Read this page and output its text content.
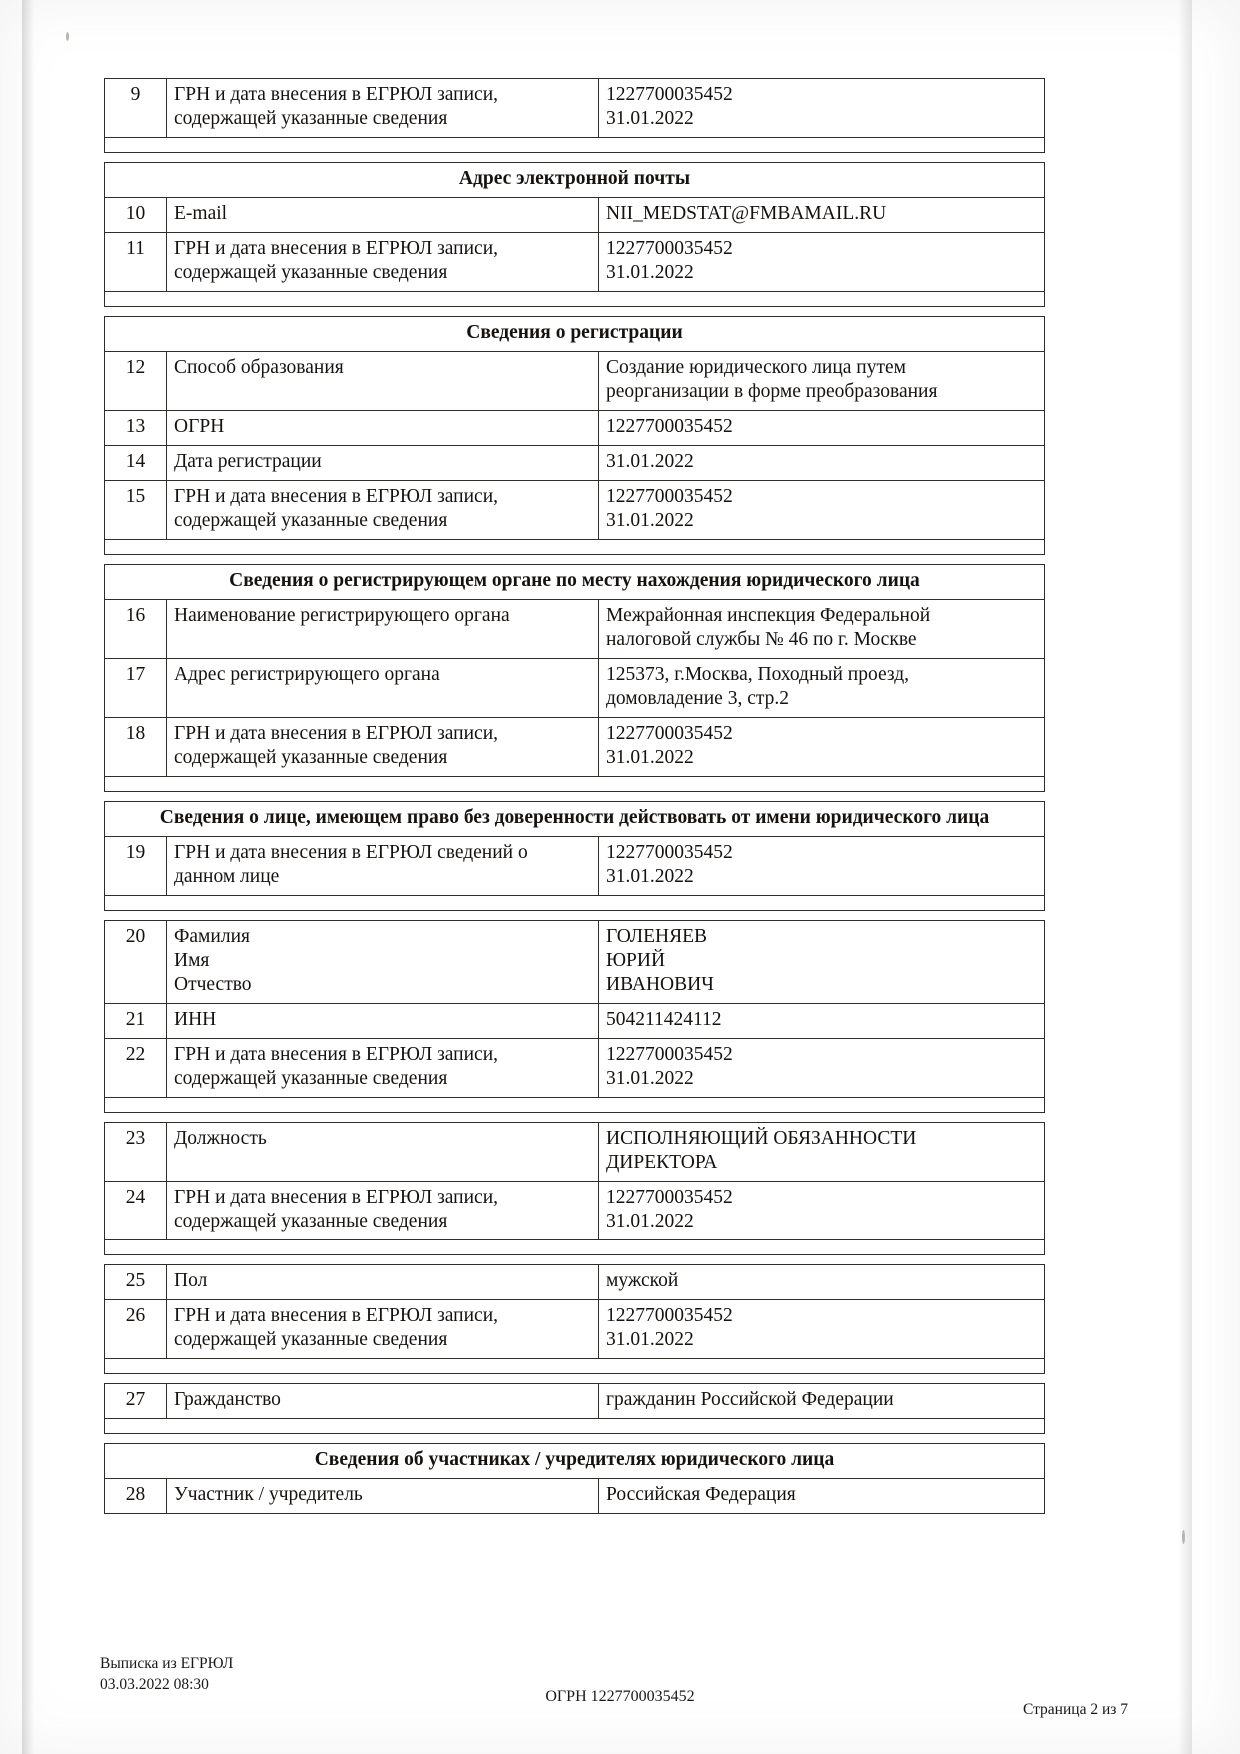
9	ГРН и дата внесения в ЕГРЮЛ записи,
содержащей указанные сведения	1227700035452
31.01.2022

Адрес электронной почты		
10	E-mail	NII_MEDSTAT@FMBAMAIL.RU
11	ГРН и дата внесения в ЕГРЮЛ записи,
содержащей указанные сведения	1227700035452
31.01.2022

Сведения о регистрации		
12	Способ образования	Создание юридического лица путем
реорганизации в форме преобразования

13	ОГРН	1227700035452
14	Дата регистрации	31.01.2022
15	ГРН и дата внесения в ЕГРЮЛ записи,
содержащей указанные сведения	1227700035452
31.01.2022

Сведения о регистрирующем органе по месту нахождения юридического лица		
16	Наименование регистрирующего органа	Межрайонная инспекция Федеральной
налоговой службы № 46 по г. Москве

17	Адрес регистрирующего органа	125373, г.Москва, Походный проезд,
домовладение 3, стр.2

18	ГРН и дата внесения в ЕГРЮЛ записи,
содержащей указанные сведения	1227700035452
31.01.2022

Сведения о лице, имеющем право без доверенности действовать от имени юридического лица		
19	ГРН и дата внесения в ЕГРЮЛ сведений о
данном лице	1227700035452
31.01.2022

20	Фамилия
Имя
Отчество	ГОЛЕНЯЕВ
ЮРИЙ
ИВАНОВИЧ

21	ИНН	504211424112
22	ГРН и дата внесения в ЕГРЮЛ записи,
содержащей указанные сведения	1227700035452
31.01.2022

23	Должность	ИСПОЛНЯЮЩИЙ ОБЯЗАННОСТИ
ДИРЕКТОРА

24	ГРН и дата внесения в ЕГРЮЛ записи,
содержащей указанные сведения	1227700035452
31.01.2022

25	Пол	мужской
26	ГРН и дата внесения в ЕГРЮЛ записи,
содержащей указанные сведения	1227700035452
31.01.2022

27	Гражданство	гражданин Российской Федерации

Сведения об участниках / учредителях юридического лица		
28	Участник / учредитель	Российская Федерация
Выписка из ЕГРЮЛ
03.03.2022 08:30
ОГРН 1227700035452
Страница 2 из 7
